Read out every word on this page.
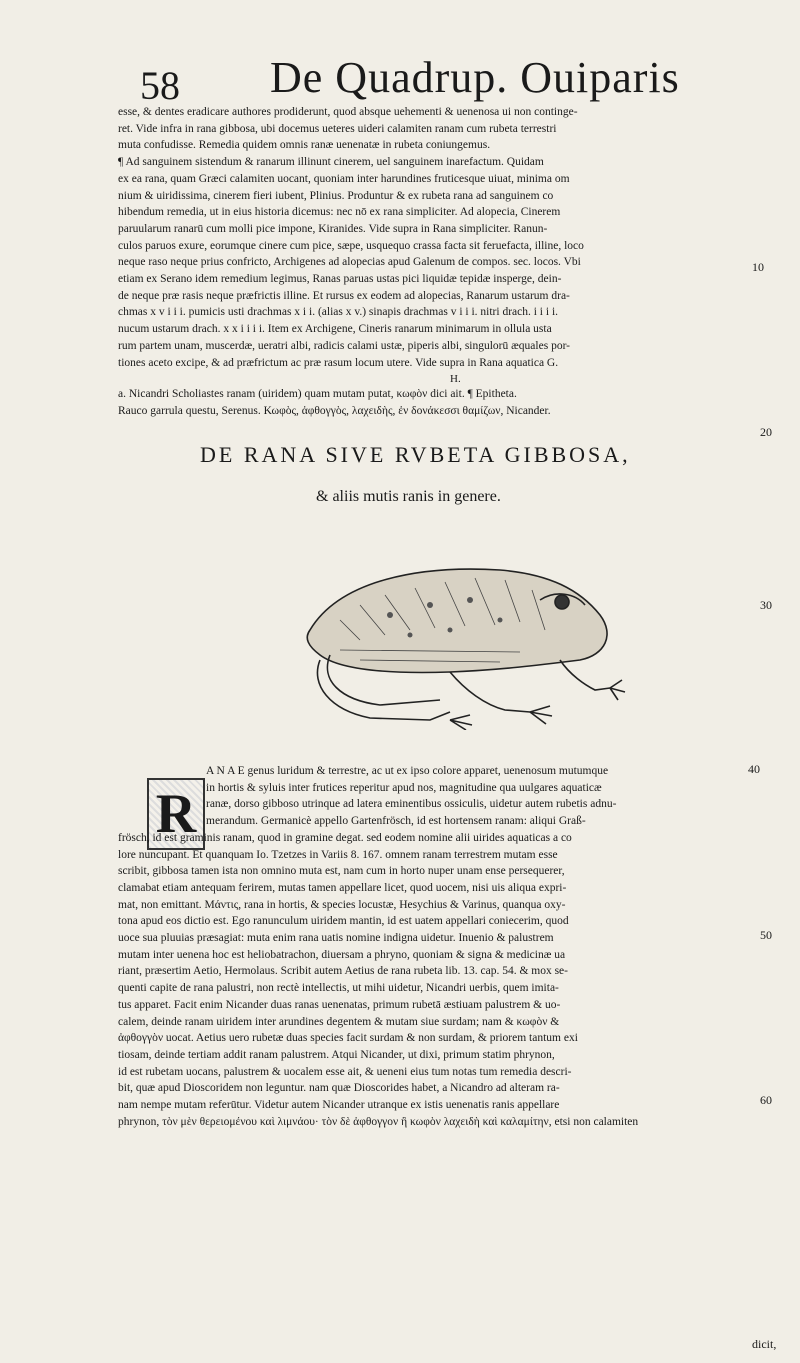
58 De Quadrup. Ouiparis

esse, & dentes eradicare authores prodiderunt, quod absque uehementi & uenenosa ui non continge-

ret. Vide infra in rana gibbosa, ubi docemus ueteres uideri calamiten ranam cum rubeta terrestri

muta confudisse. Remedia quidem omnis ranæ uenenatæ in rubeta coniungemus.

¶ Ad sanguinem sistendum & ranarum illinunt cinerem, uel sanguinem inarefactum. Quidam

ex ea rana, quam Græci calamiten uocant, quoniam inter harundines fruticesque uiuat, minima om

nium & uiridissima, cinerem fieri iubent, Plinius. Produntur & ex rubeta rana ad sanguinem co

hibendum remedia, ut in eius historia dicemus: nec nō ex rana simpliciter. Ad alopecia, Cinerem

paruularum ranarū cum molli pice impone, Kiranides. Vide supra in Rana simpliciter. Ranun-

culos paruos exure, eorumque cinere cum pice, sæpe, usquequo crassa facta sit feruefacta, illine, loco

neque raso neque prius confricto, Archigenes ad alopecias apud Galenum de compos. sec. locos. Vbi

etiam ex Serano idem remedium legimus, Ranas paruas ustas pici liquidæ tepidæ insperge, dein-

de neque præ rasis neque præfrictis illine. Et rursus ex eodem ad alopecias, Ranarum ustarum dra-

chmas x v i i i. pumicis usti drachmas x i i. (alias x v.) sinapis drachmas v i i i. nitri drach. i i i i.

nucum ustarum drach. x x i i i i. Item ex Archigene, Cineris ranarum minimarum in ollula usta

rum partem unam, muscerdæ, ueratri albi, radicis calami ustæ, piperis albi, singulorū æquales por-

tiones aceto excipe, & ad præfrictum ac præ rasum locum utere. Vide supra in Rana aquatica G.

10
H.

a. Nicandri Scholiastes ranam (uiridem) quam mutam putat, κωφὸν dici ait. ¶ Epitheta.

Rauco garrula questu, Serenus. Κωφὸς, ἀφθογγὸς, λαχειδὴς, ἐν δονάκεσσι θαμίζων, Nicander.

20
DE RANA SIVE RVBETA GIBBOSA,
& aliis mutis ranis in genere.
30
40
R

A N A E genus luridum & terrestre, ac ut ex ipso colore apparet, uenenosum mutumque

in hortis & syluis inter frutices reperitur apud nos, magnitudine qua uulgares aquaticæ

ranæ, dorso gibboso utrinque ad latera eminentibus ossiculis, uidetur autem rubetis adnu-

merandum. Germanicè appello Gartenfrösch, id est hortensem ranam: aliqui Graß-

frösch, id est graminis ranam, quod in gramine degat. sed eodem nomine alii uirides aquaticas a co

lore nuncupant. Et quanquam Io. Tzetzes in Variis 8. 167. omnem ranam terrestrem mutam esse

scribit, gibbosa tamen ista non omnino muta est, nam cum in horto nuper unam ense persequerer,

clamabat etiam antequam ferirem, mutas tamen appellare licet, quod uocem, nisi uis aliqua expri-

mat, non emittant. Μάντις, rana in hortis, & species locustæ, Hesychius & Varinus, quanqua oxy-

tona apud eos dictio est. Ego ranunculum uiridem mantin, id est uatem appellari coniecerim, quod

uoce sua pluuias præsagiat: muta enim rana uatis nomine indigna uidetur. Inuenio & palustrem

mutam inter uenena hoc est heliobatrachon, diuersam a phryno, quoniam & signa & medicinæ ua

riant, præsertim Aetio, Hermolaus. Scribit autem Aetius de rana rubeta lib. 13. cap. 54. & mox se-

quenti capite de rana palustri, non rectè intellectis, ut mihi uidetur, Nicandri uerbis, quem imita-

tus apparet. Facit enim Nicander duas ranas uenenatas, primum rubetā æstiuam palustrem & uo-

calem, deinde ranam uiridem inter arundines degentem & mutam siue surdam; nam & κωφὸν &

ἀφθογγὸν uocat. Aetius uero rubetæ duas species facit surdam & non surdam, & priorem tantum exi

tiosam, deinde tertiam addit ranam palustrem. Atqui Nicander, ut dixi, primum statim phrynon,

id est rubetam uocans, palustrem & uocalem esse ait, & ueneni eius tum notas tum remedia descri-

bit, quæ apud Dioscoridem non leguntur. nam quæ Dioscorides habet, a Nicandro ad alteram ra-

nam nempe mutam referūtur. Videtur autem Nicander utranque ex istis uenenatis ranis appellare

phrynon, τὸν μὲν θερειομένου καὶ λιμνάου· τὸν δὲ ἀφθογγον ἢ κωφὸν λαχειδὴ καὶ καλαμίτην, etsi non calamiten

50
60
dicit,
